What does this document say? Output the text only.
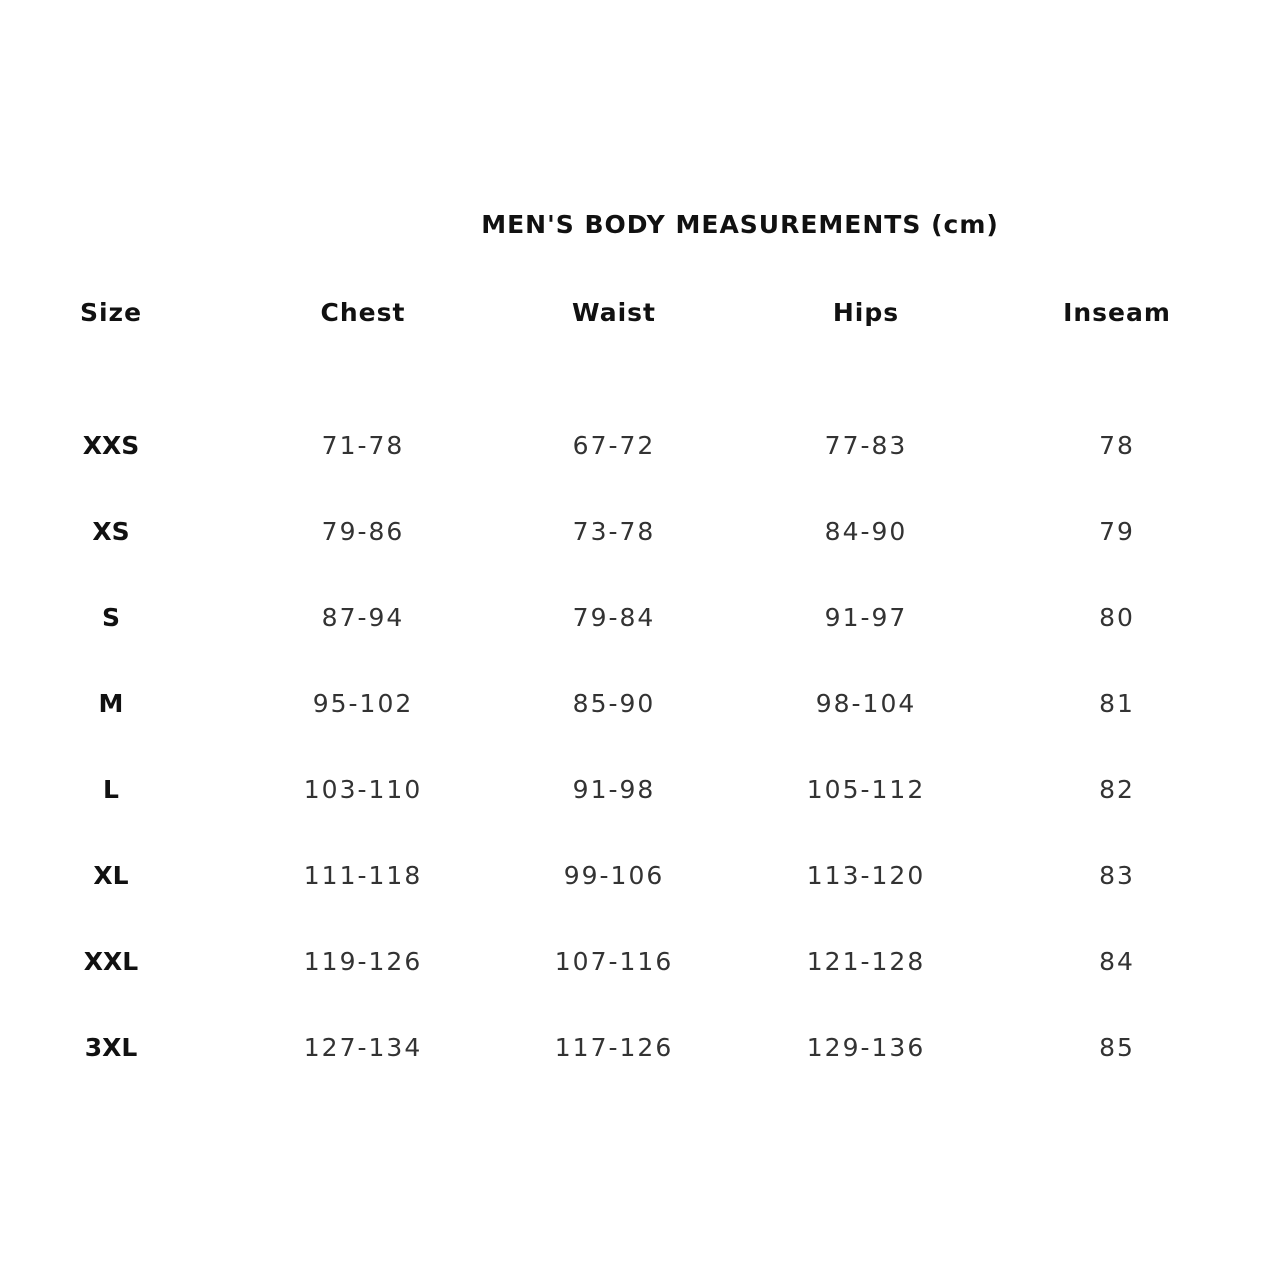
MEN'S BODY MEASUREMENTS (cm)
Size	Chest	Waist	Hips	Inseam
XXS	71-78	67-72	77-83	78
XS	79-86	73-78	84-90	79
S	87-94	79-84	91-97	80
M	95-102	85-90	98-104	81
L	103-110	91-98	105-112	82
XL	111-118	99-106	113-120	83
XXL	119-126	107-116	121-128	84
3XL	127-134	117-126	129-136	85
